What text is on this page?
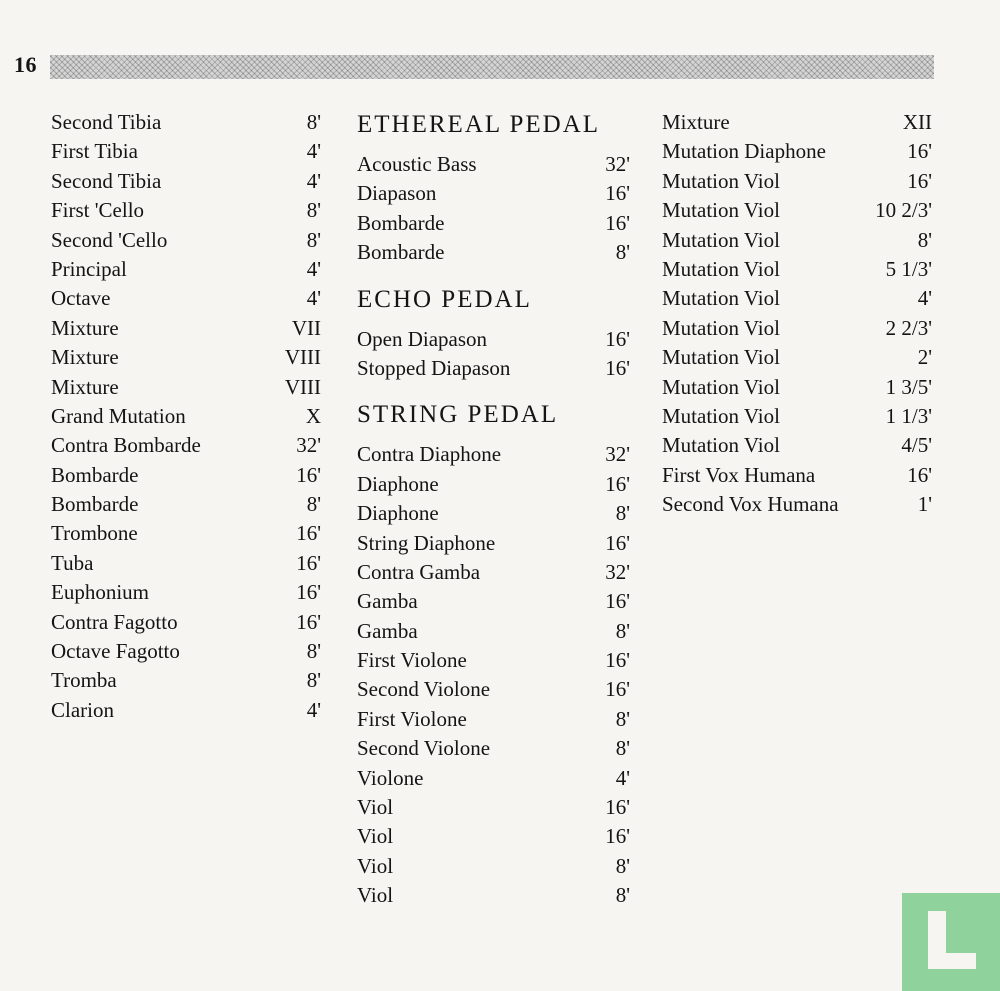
16
Second Tibia	8'
First Tibia	4'
Second Tibia	4'
First 'Cello	8'
Second 'Cello	8'
Principal	4'
Octave	4'
Mixture	VII
Mixture	VIII
Mixture	VIII
Grand Mutation	X
Contra Bombarde	32'
Bombarde	16'
Bombarde	8'
Trombone	16'
Tuba	16'
Euphonium	16'
Contra Fagotto	16'
Octave Fagotto	8'
Tromba	8'
Clarion	4'
ETHEREAL PEDAL
Acoustic Bass	32'
Diapason	16'
Bombarde	16'
Bombarde	8'
ECHO PEDAL
Open Diapason	16'
Stopped Diapason	16'
STRING PEDAL
Contra Diaphone	32'
Diaphone	16'
Diaphone	8'
String Diaphone	16'
Contra Gamba	32'
Gamba	16'
Gamba	8'
First Violone	16'
Second Violone	16'
First Violone	8'
Second Violone	8'
Violone	4'
Viol	16'
Viol	16'
Viol	8'
Viol	8'
Mixture	XII
Mutation Diaphone	16'
Mutation Viol	16'
Mutation Viol	10 2/3'
Mutation Viol	8'
Mutation Viol	5 1/3'
Mutation Viol	4'
Mutation Viol	2 2/3'
Mutation Viol	2'
Mutation Viol	1 3/5'
Mutation Viol	1 1/3'
Mutation Viol	4/5'
First Vox Humana	16'
Second Vox Humana	1'
